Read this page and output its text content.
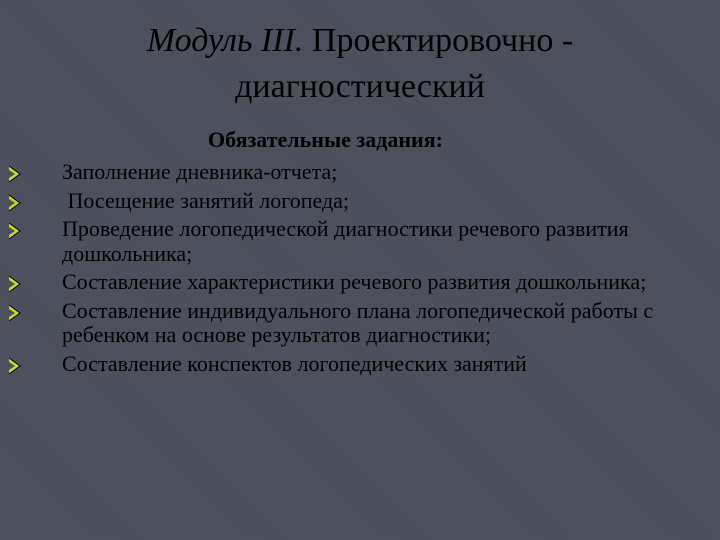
Модуль III. Проектировочно -
диагностический
Обязательные задания:
Заполнение дневника-отчета;
Посещение занятий логопеда;
Проведение логопедической диагностики речевого развития дошкольника;
Составление характеристики речевого развития дошкольника;
Составление индивидуального плана логопедической работы с ребенком на основе результатов диагностики;
Составление конспектов логопедических занятий
